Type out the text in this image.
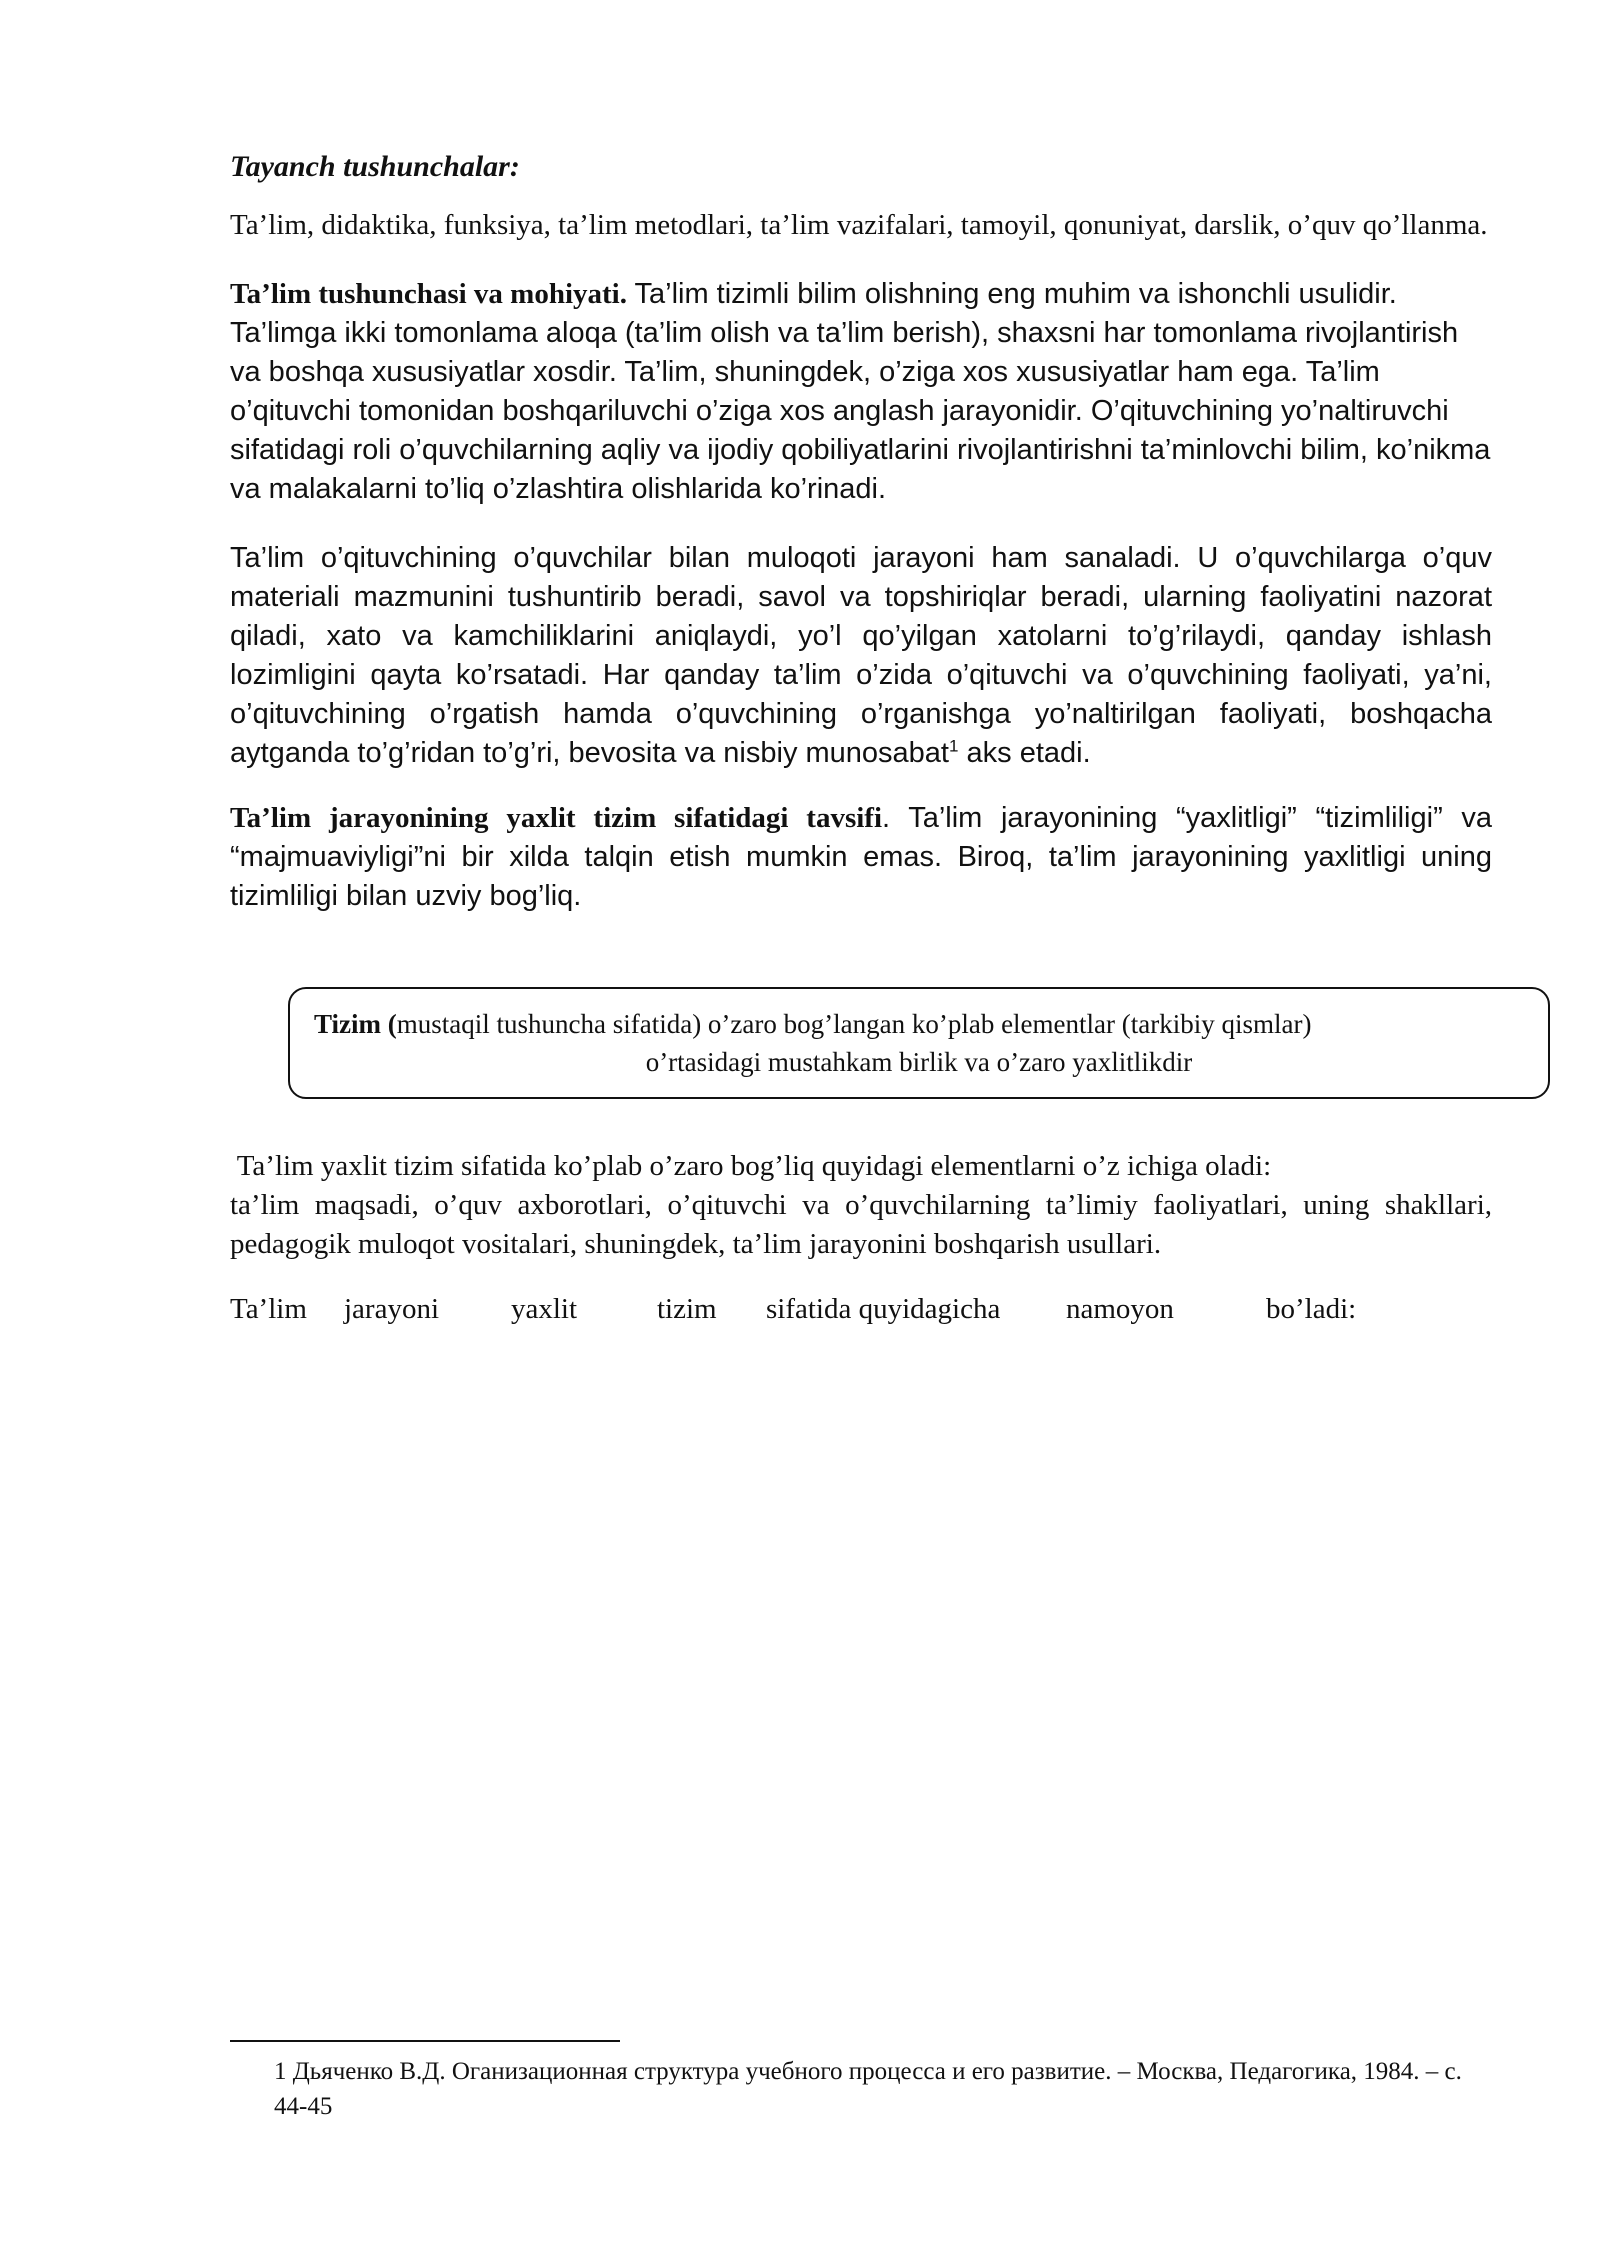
Tayanch tushunchalar:

Ta’lim, didaktika, funksiya, ta’lim metodlari, ta’lim vazifalari, tamoyil, qonuniyat, darslik, o’quv qo’llanma.

Ta’lim tushunchasi va mohiyati. Ta’lim tizimli bilim olishning eng muhim va ishonchli usulidir. Ta’limga ikki tomonlama aloqa (ta’lim olish va ta’lim berish), shaxsni har tomonlama rivojlantirish va boshqa xususiyatlar xosdir. Ta’lim, shuningdek, o’ziga xos xususiyatlar ham ega. Ta’lim o’qituvchi tomonidan boshqariluvchi o’ziga xos anglash jarayonidir. O’qituvchining yo’naltiruvchi sifatidagi roli o’quvchilarning aqliy va ijodiy qobiliyatlarini rivojlantirishni ta’minlovchi bilim, ko’nikma va malakalarni to’liq o’zlashtira olishlarida ko’rinadi.

Ta’lim o’qituvchining o’quvchilar bilan muloqoti jarayoni ham sanaladi. U o’quvchilarga o’quv materiali mazmunini tushuntirib beradi, savol va topshiriqlar beradi, ularning faoliyatini nazorat qiladi, xato va kamchiliklarini aniqlaydi, yo’l qo’yilgan xatolarni to’g’rilaydi, qanday ishlash lozimligini qayta ko’rsatadi. Har qanday ta’lim o’zida o’qituvchi va o’quvchining faoliyati, ya’ni, o’qituvchining o’rgatish hamda o’quvchining o’rganishga yo’naltirilgan faoliyati, boshqacha aytganda to’g’ridan to’g’ri, bevosita va nisbiy munosabat$^1$ aks etadi.

Ta’lim jarayonining yaxlit tizim sifatidagi tavsifi. Ta’lim jarayonining “yaxlitligi” “tizimliligi” va “majmuaviyligi”ni bir xilda talqin etish mumkin emas. Biroq, ta’lim jarayonining yaxlitligi uning tizimliligi bilan uzviy bog’liq.

Tizim (mustaqil tushuncha sifatida) o’zaro bog’langan ko’plab elementlar (tarkibiy qismlar)
o’rtasidagi mustahkam birlik va o’zaro yaxlitlikdir
Ta’lim yaxlit tizim sifatida ko’plab o’zaro bog’liq quyidagi elementlarni o’z ichiga oladi:

ta’lim maqsadi, o’quv axborotlari, o’qituvchi va o’quvchilarning ta’limiy faoliyatlari, uning shakllari, pedagogik muloqot vositalari, shuningdek, ta’lim jarayonini boshqarish usullari.

Ta’lim	jarayoni	yaxlit	tizim	sifatida quyidagicha	namoyon	bo’ladi:
1 Дьяченко В.Д. Оганизационная структура учебного процесса и его развитие. – Москва, Педагогика, 1984. – с. 44-45
